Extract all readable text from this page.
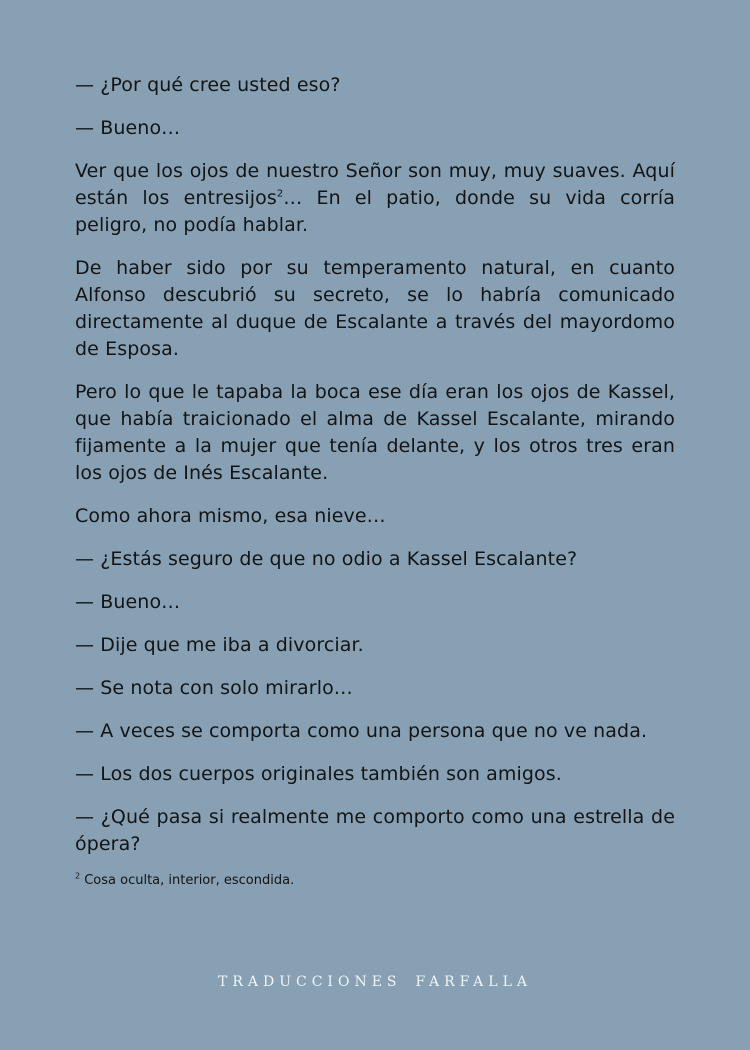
— ¿Por qué cree usted eso?

— Bueno…

Ver que los ojos de nuestro Señor son muy, muy suaves. Aquí están los entresijos$^2$… En el patio, donde su vida corría peligro, no podía hablar.

De haber sido por su temperamento natural, en cuanto Alfonso descubrió su secreto, se lo habría comunicado directamente al duque de Escalante a través del mayordomo de Esposa.

Pero lo que le tapaba la boca ese día eran los ojos de Kassel, que había traicionado el alma de Kassel Escalante, mirando fijamente a la mujer que tenía delante, y los otros tres eran los ojos de Inés Escalante.

Como ahora mismo, esa nieve…

— ¿Estás seguro de que no odio a Kassel Escalante?

— Bueno…

— Dije que me iba a divorciar.

— Se nota con solo mirarlo…

— A veces se comporta como una persona que no ve nada.

— Los dos cuerpos originales también son amigos.

— ¿Qué pasa si realmente me comporto como una estrella de ópera?

$^2$ Cosa oculta, interior, escondida.

TRADUCCIONES FARFALLA
